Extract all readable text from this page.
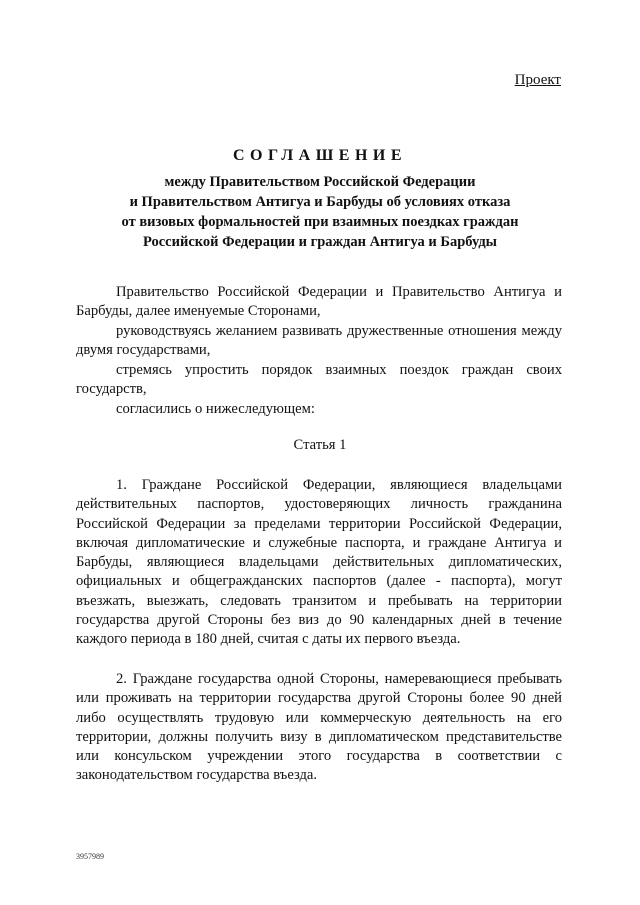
Проект
СОГЛАШЕНИЕ
между Правительством Российской Федерации
и Правительством Антигуа и Барбуды об условиях отказа
от визовых формальностей при взаимных поездках граждан
Российской Федерации и граждан Антигуа и Барбуды

Правительство Российской Федерации и Правительство Антигуа и Барбуды, далее именуемые Сторонами,

руководствуясь желанием развивать дружественные отношения между двумя государствами,

стремясь упростить порядок взаимных поездок граждан своих государств,

согласились о нижеследующем:

Статья 1

1. Граждане Российской Федерации, являющиеся владельцами действительных паспортов, удостоверяющих личность гражданина Российской Федерации за пределами территории Российской Федерации, включая дипломатические и служебные паспорта, и граждане Антигуа и Барбуды, являющиеся владельцами действительных дипломатических, официальных и общегражданских паспортов (далее - паспорта), могут въезжать, выезжать, следовать транзитом и пребывать на территории государства другой Стороны без виз до 90 календарных дней в течение каждого периода в 180 дней, считая с даты их первого въезда.

2. Граждане государства одной Стороны, намеревающиеся пребывать или проживать на территории государства другой Стороны более 90 дней либо осуществлять трудовую или коммерческую деятельность на его территории, должны получить визу в дипломатическом представительстве или консульском учреждении этого государства в соответствии с законодательством государства въезда.

3957989
